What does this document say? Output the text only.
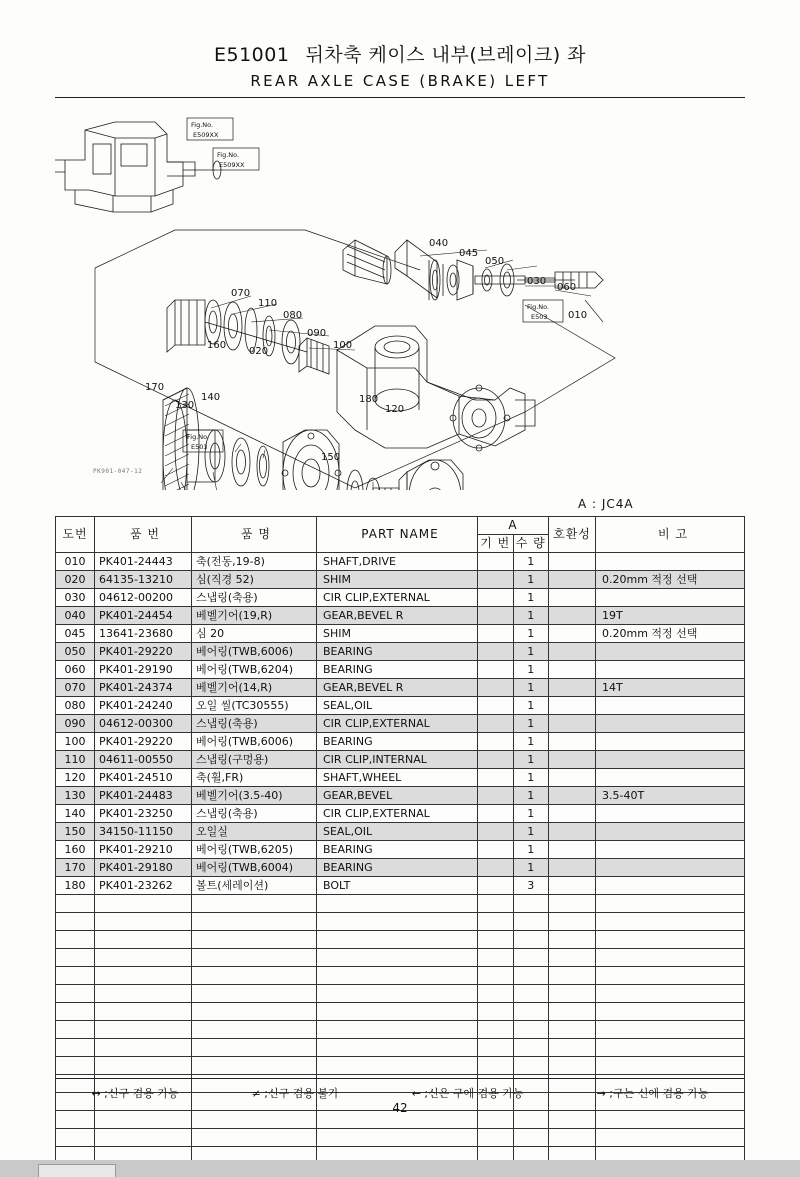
E51001 뒤차축 케이스 내부(브레이크) 좌
REAR AXLE CASE (BRAKE) LEFT
040
045
050
030
060
010
070
110
080
090
100
170
130
140
160
020
150
180
120
Fig.No.
E509XX
Fig.No.
E509XX
Fig.No.
E503
Fig.No.
E503
PK901-047-12
A : JC4A
도번	품 번	품 명	PART NAME	A		호환성	비 고
				기 번	수 량		
010	PK401-24443	축(전동,19-8)	SHAFT,DRIVE		1		
020	64135-13210	심(직경 52)	SHIM		1		0.20mm 적정 선택
030	04612-00200	스냅링(축용)	CIR CLIP,EXTERNAL		1		
040	PK401-24454	베벨기어(19,R)	GEAR,BEVEL R		1		19T
045	13641-23680	심 20	SHIM		1		0.20mm 적정 선택
050	PK401-29220	베어링(TWB,6006)	BEARING		1		
060	PK401-29190	베어링(TWB,6204)	BEARING		1		
070	PK401-24374	베벨기어(14,R)	GEAR,BEVEL R		1		14T
080	PK401-24240	오일 씰(TC30555)	SEAL,OIL		1		
090	04612-00300	스냅링(축용)	CIR CLIP,EXTERNAL		1		
100	PK401-29220	베어링(TWB,6006)	BEARING		1		
110	04611-00550	스냅링(구멍용)	CIR CLIP,INTERNAL		1		
120	PK401-24510	축(휠,FR)	SHAFT,WHEEL		1		
130	PK401-24483	베벨기어(3.5-40)	GEAR,BEVEL		1		3.5-40T
140	PK401-23250	스냅링(축용)	CIR CLIP,EXTERNAL		1		
150	34150-11150	오일실	SEAL,OIL		1		
160	PK401-29210	베어링(TWB,6205)	BEARING		1		
170	PK401-29180	베어링(TWB,6004)	BEARING		1		
180	PK401-23262	볼트(세레이션)	BOLT		3		

↔ ;신구 겸용 가능	≠ ;신구 겸용 불가	← ;신은 구에 겸용 가능	→ ;구는 신에 겸용 가능
42
